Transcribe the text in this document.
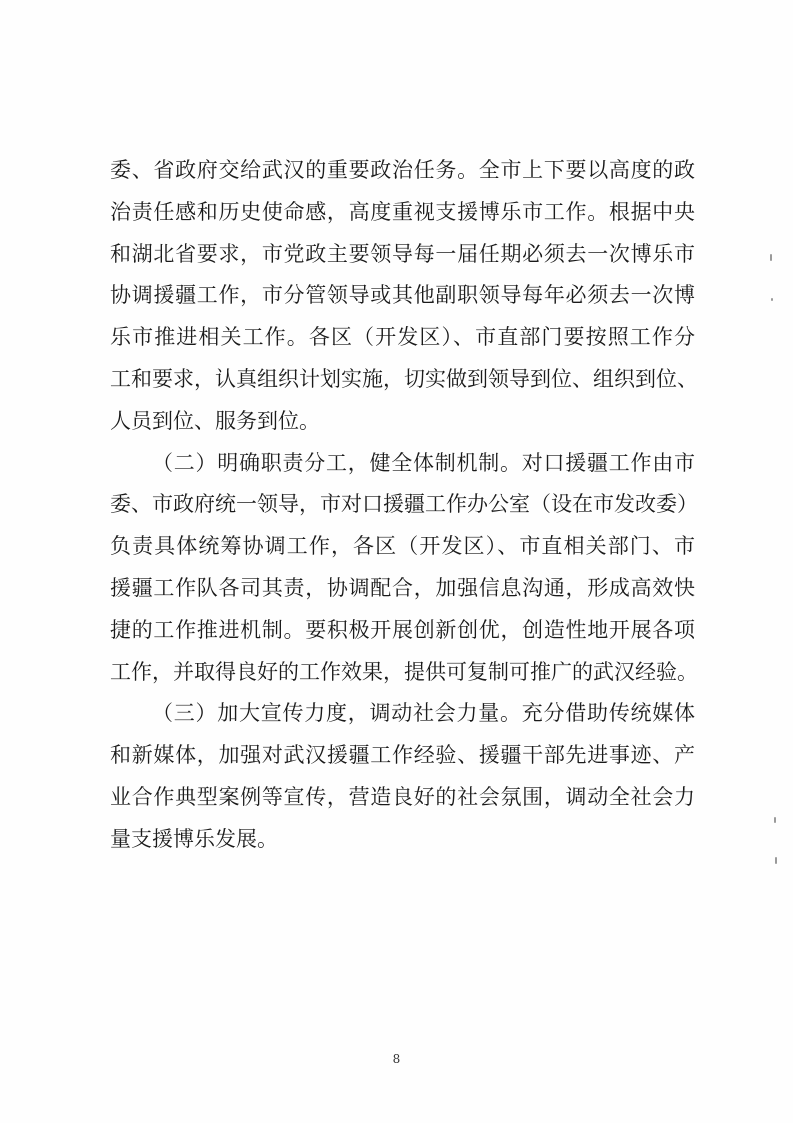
委、省政府交给武汉的重要政治任务。全市上下要以高度的政
治责任感和历史使命感，高度重视支援博乐市工作。根据中央
和湖北省要求，市党政主要领导每一届任期必须去一次博乐市
协调援疆工作，市分管领导或其他副职领导每年必须去一次博
乐市推进相关工作。各区（开发区）、市直部门要按照工作分
工和要求，认真组织计划实施，切实做到领导到位、组织到位、
人员到位、服务到位。
（二）明确职责分工，健全体制机制。对口援疆工作由市
委、市政府统一领导，市对口援疆工作办公室（设在市发改委）
负责具体统筹协调工作，各区（开发区）、市直相关部门、市
援疆工作队各司其责，协调配合，加强信息沟通，形成高效快
捷的工作推进机制。要积极开展创新创优，创造性地开展各项
工作，并取得良好的工作效果，提供可复制可推广的武汉经验。
（三）加大宣传力度，调动社会力量。充分借助传统媒体
和新媒体，加强对武汉援疆工作经验、援疆干部先进事迹、产
业合作典型案例等宣传，营造良好的社会氛围，调动全社会力
量支援博乐发展。
8
